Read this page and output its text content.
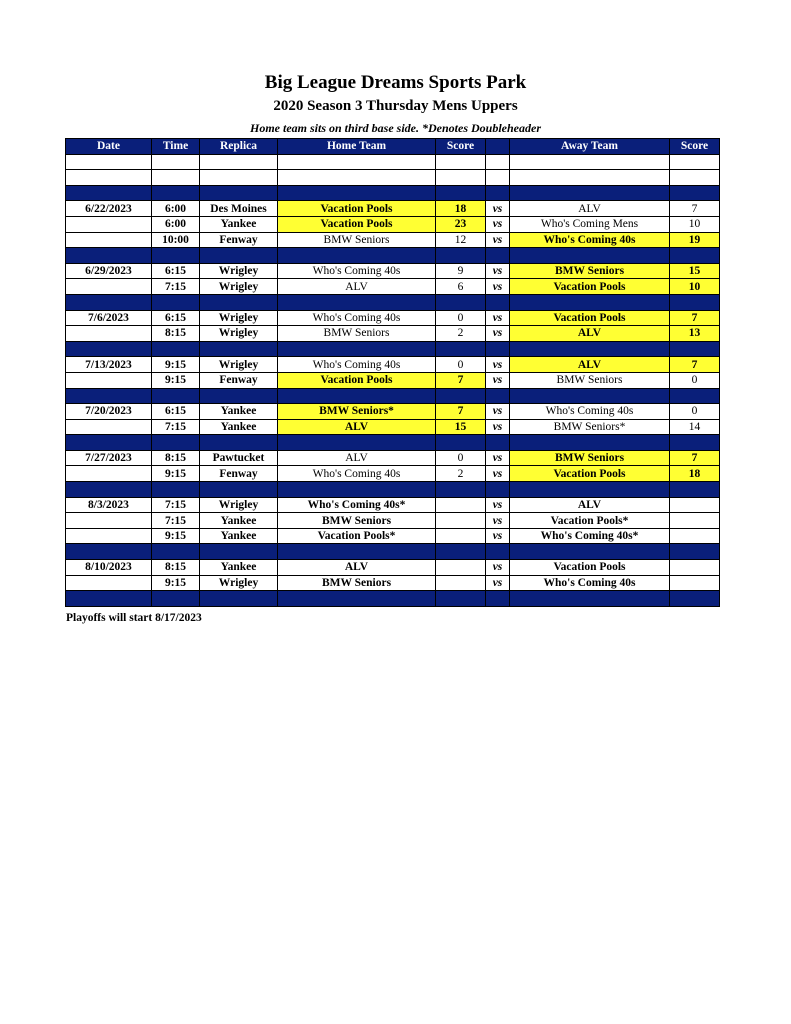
Big League Dreams Sports Park
2020 Season 3 Thursday Mens Uppers
Home team sits on third base side. *Denotes Doubleheader
Date	Time	Replica	Home Team	Score		Away Team	Score

6/22/2023	6:00	Des Moines	Vacation Pools	18	vs	ALV	7
	6:00	Yankee	Vacation Pools	23	vs	Who's Coming Mens	10
	10:00	Fenway	BMW Seniors	12	vs	Who's Coming 40s	19

6/29/2023	6:15	Wrigley	Who's Coming 40s	9	vs	BMW Seniors	15
	7:15	Wrigley	ALV	6	vs	Vacation Pools	10

7/6/2023	6:15	Wrigley	Who's Coming 40s	0	vs	Vacation Pools	7
	8:15	Wrigley	BMW Seniors	2	vs	ALV	13

7/13/2023	9:15	Wrigley	Who's Coming 40s	0	vs	ALV	7
	9:15	Fenway	Vacation Pools	7	vs	BMW Seniors	0

7/20/2023	6:15	Yankee	BMW Seniors*	7	vs	Who's Coming 40s	0
	7:15	Yankee	ALV	15	vs	BMW Seniors*	14

7/27/2023	8:15	Pawtucket	ALV	0	vs	BMW Seniors	7
	9:15	Fenway	Who's Coming 40s	2	vs	Vacation Pools	18

8/3/2023	7:15	Wrigley	Who's Coming 40s*		vs	ALV	
	7:15	Yankee	BMW Seniors		vs	Vacation Pools*	
	9:15	Yankee	Vacation Pools*		vs	Who's Coming 40s*	

8/10/2023	8:15	Yankee	ALV		vs	Vacation Pools	
	9:15	Wrigley	BMW Seniors		vs	Who's Coming 40s	

Playoffs will start 8/17/2023
